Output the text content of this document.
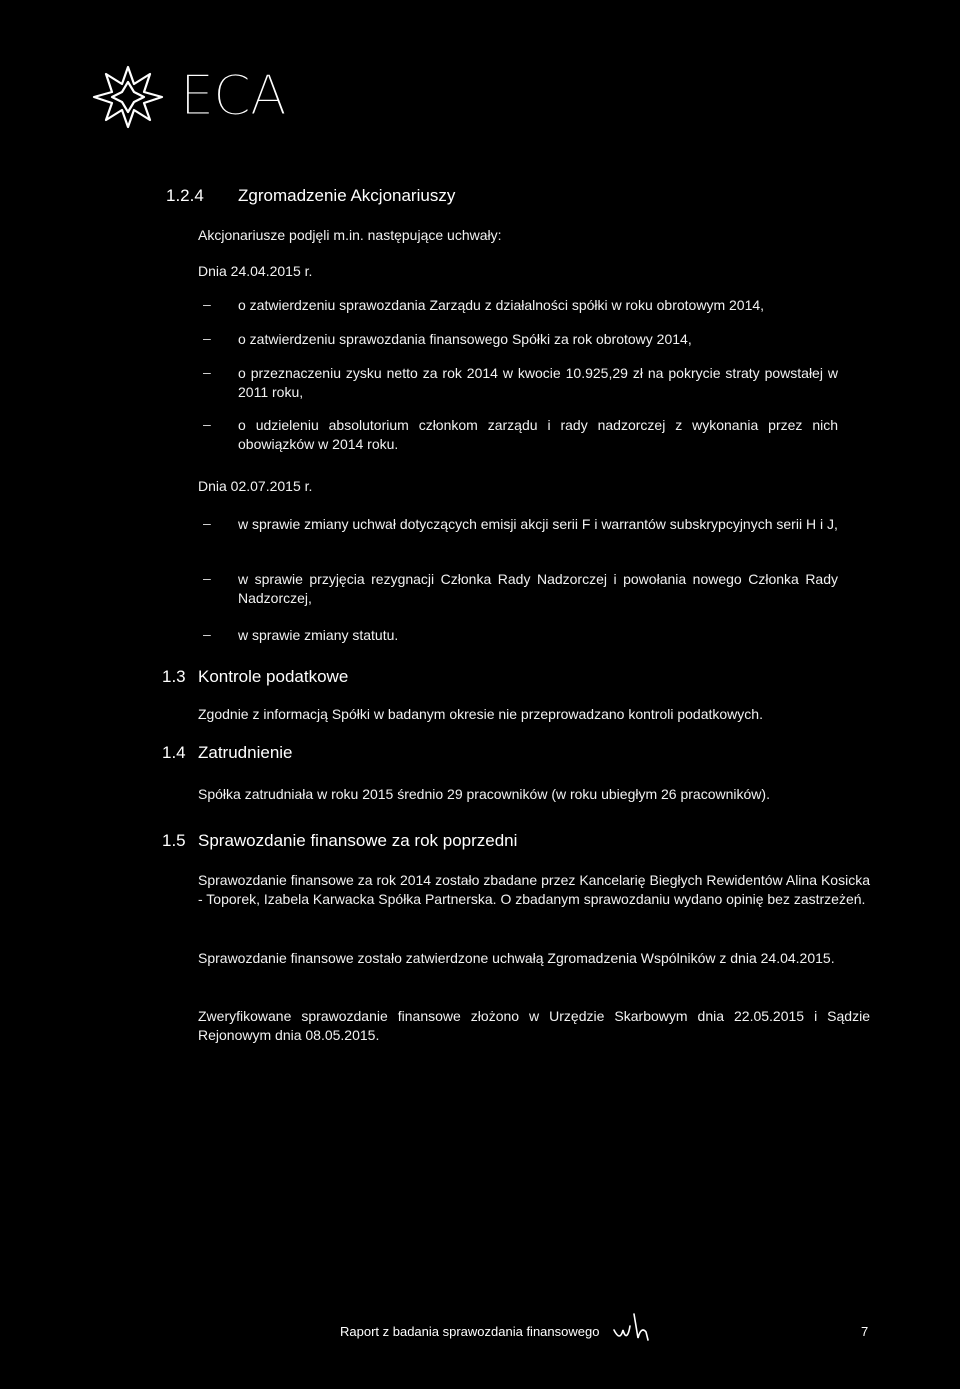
ECA
1.2.4 Zgromadzenie Akcjonariuszy
Akcjonariusze podjęli m.in. następujące uchwały:
Dnia 24.04.2015 r.
– o zatwierdzeniu sprawozdania Zarządu z działalności spółki w roku obrotowym 2014,
– o zatwierdzeniu sprawozdania finansowego Spółki za rok obrotowy 2014,
– o przeznaczeniu zysku netto za rok 2014 w kwocie 10.925,29 zł na pokrycie straty powstałej w 2011 roku,
– o udzieleniu absolutorium członkom zarządu i rady nadzorczej z wykonania przez nich obowiązków w 2014 roku.
Dnia 02.07.2015 r.
– w sprawie zmiany uchwał dotyczących emisji akcji serii F i warrantów subskrypcyjnych serii H i J,
– w sprawie przyjęcia rezygnacji Członka Rady Nadzorczej i powołania nowego Członka Rady Nadzorczej,
– w sprawie zmiany statutu.
1.3 Kontrole podatkowe
Zgodnie z informacją Spółki w badanym okresie nie przeprowadzano kontroli podatkowych.
1.4 Zatrudnienie
Spółka zatrudniała w roku 2015 średnio 29 pracowników (w roku ubiegłym 26 pracowników).
1.5 Sprawozdanie finansowe za rok poprzedni
Sprawozdanie finansowe za rok 2014 zostało zbadane przez Kancelarię Biegłych Rewidentów Alina Kosicka - Toporek, Izabela Karwacka Spółka Partnerska. O zbadanym sprawozdaniu wydano opinię bez zastrzeżeń.
Sprawozdanie finansowe zostało zatwierdzone uchwałą Zgromadzenia Wspólników z dnia 24.04.2015.
Zweryfikowane sprawozdanie finansowe złożono w Urzędzie Skarbowym dnia 22.05.2015 i Sądzie Rejonowym dnia 08.05.2015.
Raport z badania sprawozdania finansowego	7
